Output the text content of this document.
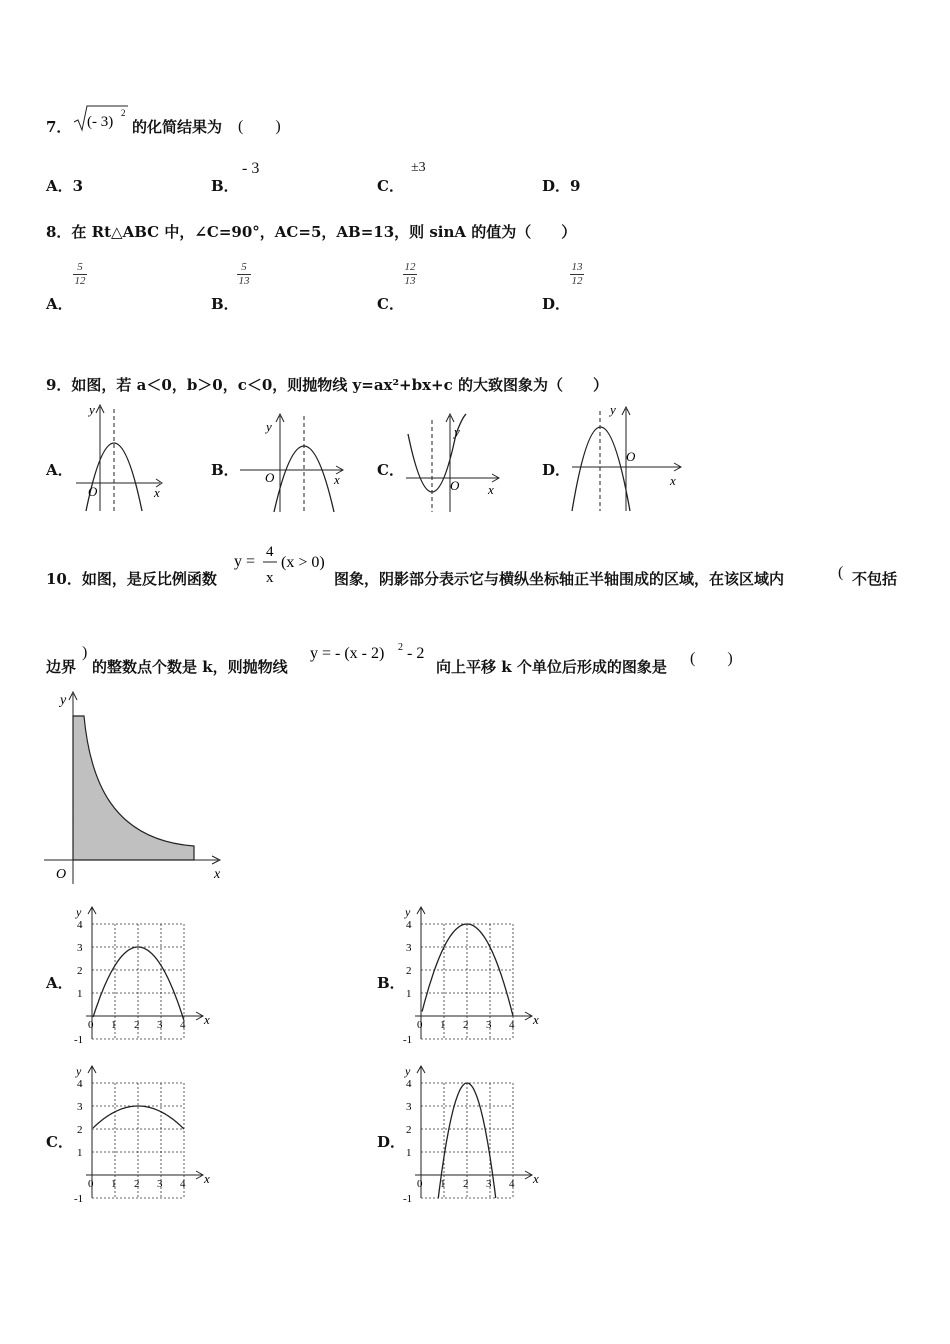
7． (- 3)
2
的化简结果为 (　　)
A．3	B．
- 3
C．
±3
D．9
8．在 Rt△ABC 中，∠C=90°，AC=5，AB=13，则 sinA 的值为（　　）
A．
$\frac{5}{12}$
B．
$\frac{5}{13}$
C．
$\frac{12}{13}$
D．
$\frac{13}{12}$
9．如图，若 a＜0，b＞0，c＜0，则抛物线 y=ax²+bx+c 的大致图象为（　　）
A．
y
x
O
B．
y
x
O	C．
y
x
O
D．
y
x
O
10．如图，是反比例函数
y =
4
x
(x > 0)
图象，阴影部分表示它与横纵坐标轴正半轴围成的区域，在该区域内	( 不包括
边界
)
的整数点个数是 k，则抛物线
y = - (x - 2) 2 - 2
向上平移 k 个单位后形成的图象是 (　　)
y
x
O
A．
y
x
0 1 2 3 4
1
2
3
4
-1
B．
y
x
0 1 2 3 4
1
2
3
4
-1
C．
y
x
0 1 2 3 4
1
2
3
4
-1
D．
y
x
0 1 2 3 4
1
2
3
4
-1
